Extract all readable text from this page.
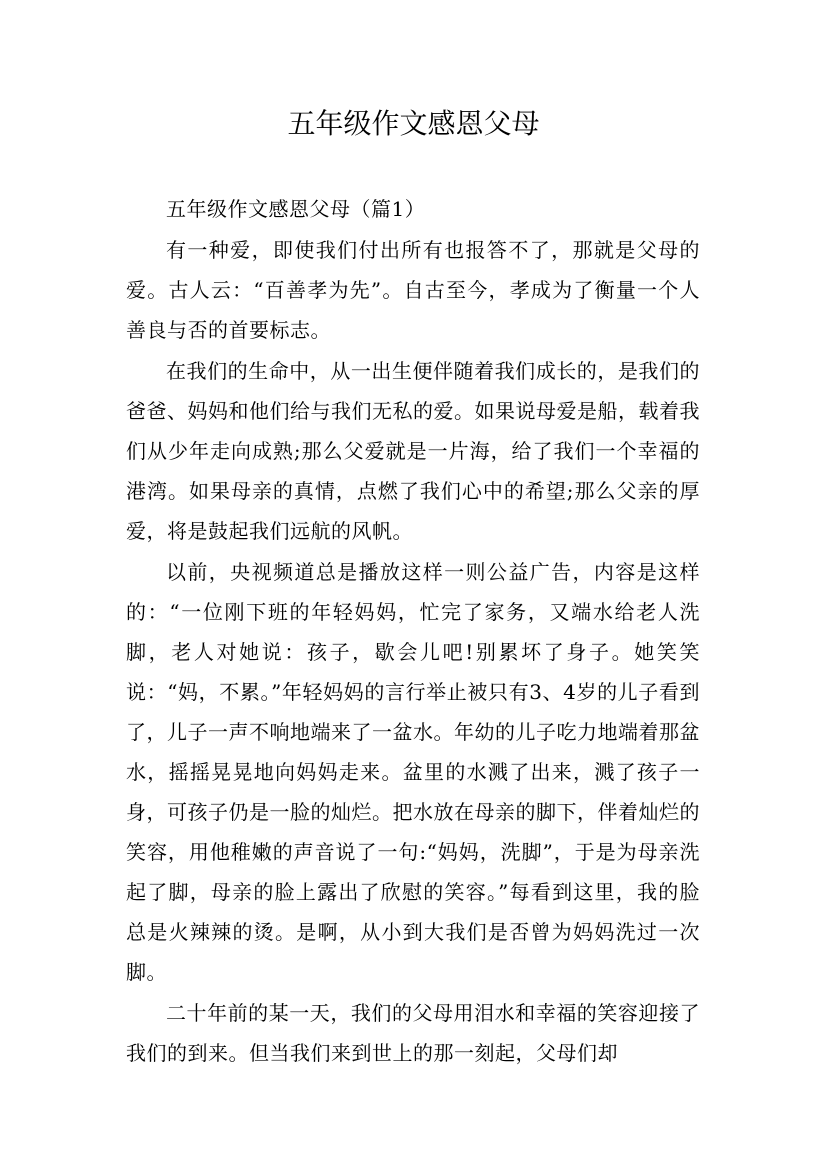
五年级作文感恩父母

五年级作文感恩父母（篇1）

有一种爱，即使我们付出所有也报答不了，那就是父母的爱。古人云：“百善孝为先”。自古至今，孝成为了衡量一个人善良与否的首要标志。

在我们的生命中，从一出生便伴随着我们成长的，是我们的爸爸、妈妈和他们给与我们无私的爱。如果说母爱是船，载着我们从少年走向成熟;那么父爱就是一片海，给了我们一个幸福的港湾。如果母亲的真情，点燃了我们心中的希望;那么父亲的厚爱，将是鼓起我们远航的风帆。

以前，央视频道总是播放这样一则公益广告，内容是这样的：“一位刚下班的年轻妈妈，忙完了家务，又端水给老人洗脚，老人对她说：孩子，歇会儿吧!别累坏了身子。她笑笑说：“妈，不累。”年轻妈妈的言行举止被只有3、4岁的儿子看到了，儿子一声不响地端来了一盆水。年幼的儿子吃力地端着那盆水，摇摇晃晃地向妈妈走来。盆里的水溅了出来，溅了孩子一身，可孩子仍是一脸的灿烂。把水放在母亲的脚下，伴着灿烂的笑容，用他稚嫩的声音说了一句:“妈妈，洗脚”，于是为母亲洗起了脚，母亲的脸上露出了欣慰的笑容。”每看到这里，我的脸总是火辣辣的烫。是啊，从小到大我们是否曾为妈妈洗过一次脚。

二十年前的某一天，我们的父母用泪水和幸福的笑容迎接了我们的到来。但当我们来到世上的那一刻起，父母们却
